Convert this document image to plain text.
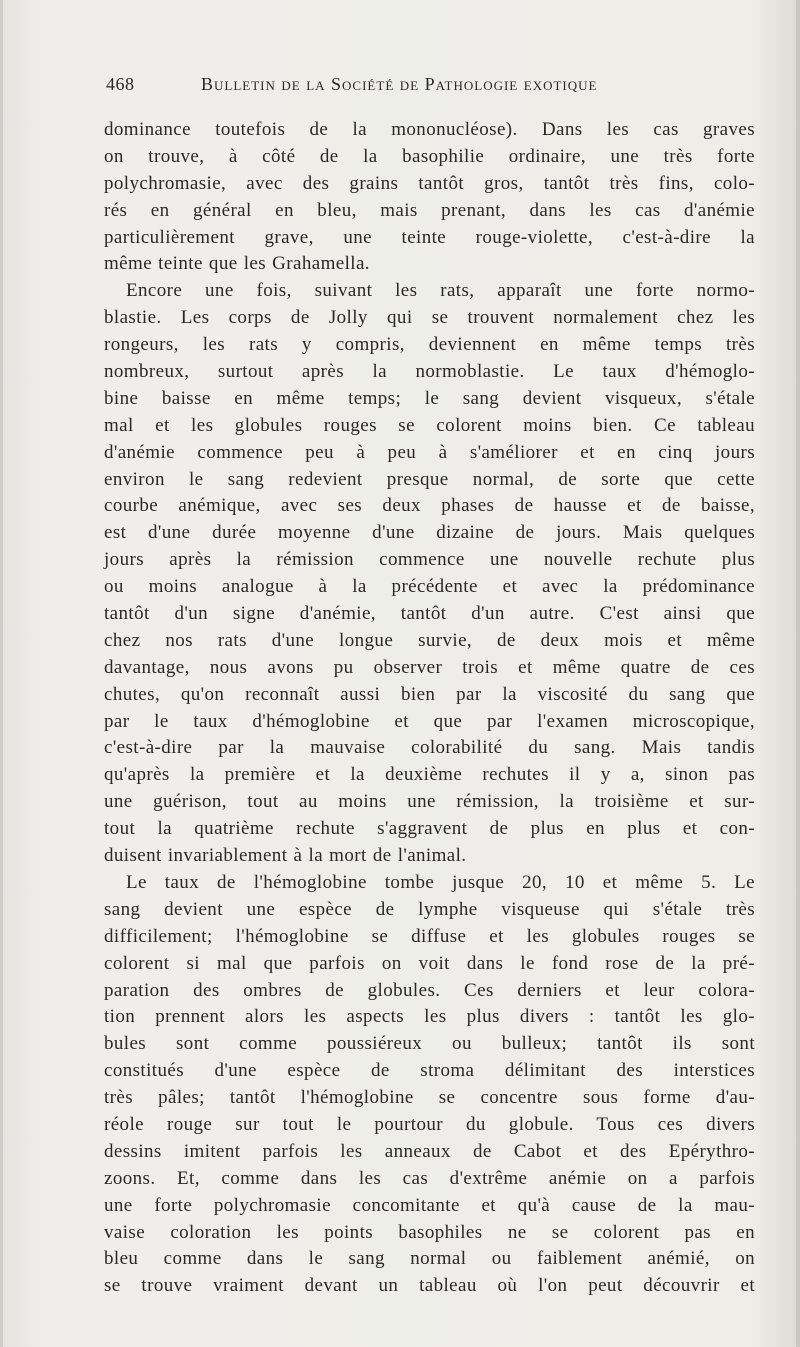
468	Bulletin de la Société de Pathologie exotique
dominance toutefois de la mononucléose). Dans les cas graves
on trouve, à côté de la basophilie ordinaire, une très forte
polychromasie, avec des grains tantôt gros, tantôt très fins, colo-
rés en général en bleu, mais prenant, dans les cas d'anémie
particulièrement grave, une teinte rouge-violette, c'est-à-dire la
même teinte que les Grahamella.
Encore une fois, suivant les rats, apparaît une forte normo-
blastie. Les corps de Jolly qui se trouvent normalement chez les
rongeurs, les rats y compris, deviennent en même temps très
nombreux, surtout après la normoblastie. Le taux d'hémoglo-
bine baisse en même temps; le sang devient visqueux, s'étale
mal et les globules rouges se colorent moins bien. Ce tableau
d'anémie commence peu à peu à s'améliorer et en cinq jours
environ le sang redevient presque normal, de sorte que cette
courbe anémique, avec ses deux phases de hausse et de baisse,
est d'une durée moyenne d'une dizaine de jours. Mais quelques
jours après la rémission commence une nouvelle rechute plus
ou moins analogue à la précédente et avec la prédominance
tantôt d'un signe d'anémie, tantôt d'un autre. C'est ainsi que
chez nos rats d'une longue survie, de deux mois et même
davantage, nous avons pu observer trois et même quatre de ces
chutes, qu'on reconnaît aussi bien par la viscosité du sang que
par le taux d'hémoglobine et que par l'examen microscopique,
c'est-à-dire par la mauvaise colorabilité du sang. Mais tandis
qu'après la première et la deuxième rechutes il y a, sinon pas
une guérison, tout au moins une rémission, la troisième et sur-
tout la quatrième rechute s'aggravent de plus en plus et con-
duisent invariablement à la mort de l'animal.
Le taux de l'hémoglobine tombe jusque 20, 10 et même 5. Le
sang devient une espèce de lymphe visqueuse qui s'étale très
difficilement; l'hémoglobine se diffuse et les globules rouges se
colorent si mal que parfois on voit dans le fond rose de la pré-
paration des ombres de globules. Ces derniers et leur colora-
tion prennent alors les aspects les plus divers : tantôt les glo-
bules sont comme poussiéreux ou bulleux; tantôt ils sont
constitués d'une espèce de stroma délimitant des interstices
très pâles; tantôt l'hémoglobine se concentre sous forme d'au-
réole rouge sur tout le pourtour du globule. Tous ces divers
dessins imitent parfois les anneaux de Cabot et des Epérythro-
zoons. Et, comme dans les cas d'extrême anémie on a parfois
une forte polychromasie concomitante et qu'à cause de la mau-
vaise coloration les points basophiles ne se colorent pas en
bleu comme dans le sang normal ou faiblement anémié, on
se trouve vraiment devant un tableau où l'on peut découvrir et
